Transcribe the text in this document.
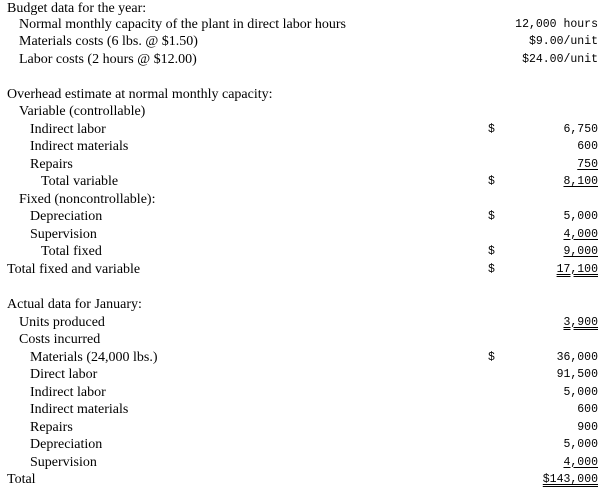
Budget data for the year:
Normal monthly capacity of the plant in direct labor hours	12,000 hours
Materials costs (6 lbs. @ $1.50)	$9.00/unit
Labor costs (2 hours @ $12.00)	$24.00/unit
Overhead estimate at normal monthly capacity:
Variable (controllable)
Indirect labor	$	6,750
Indirect materials	600
Repairs	750
Total variable	$	8,100
Fixed (noncontrollable):
Depreciation	$	5,000
Supervision	4,000
Total fixed	$	9,000
Total fixed and variable	$	17,100
Actual data for January:
Units produced	3,900
Costs incurred
Materials (24,000 lbs.)	$	36,000
Direct labor	91,500
Indirect labor	5,000
Indirect materials	600
Repairs	900
Depreciation	5,000
Supervision	4,000
Total	$143,000
